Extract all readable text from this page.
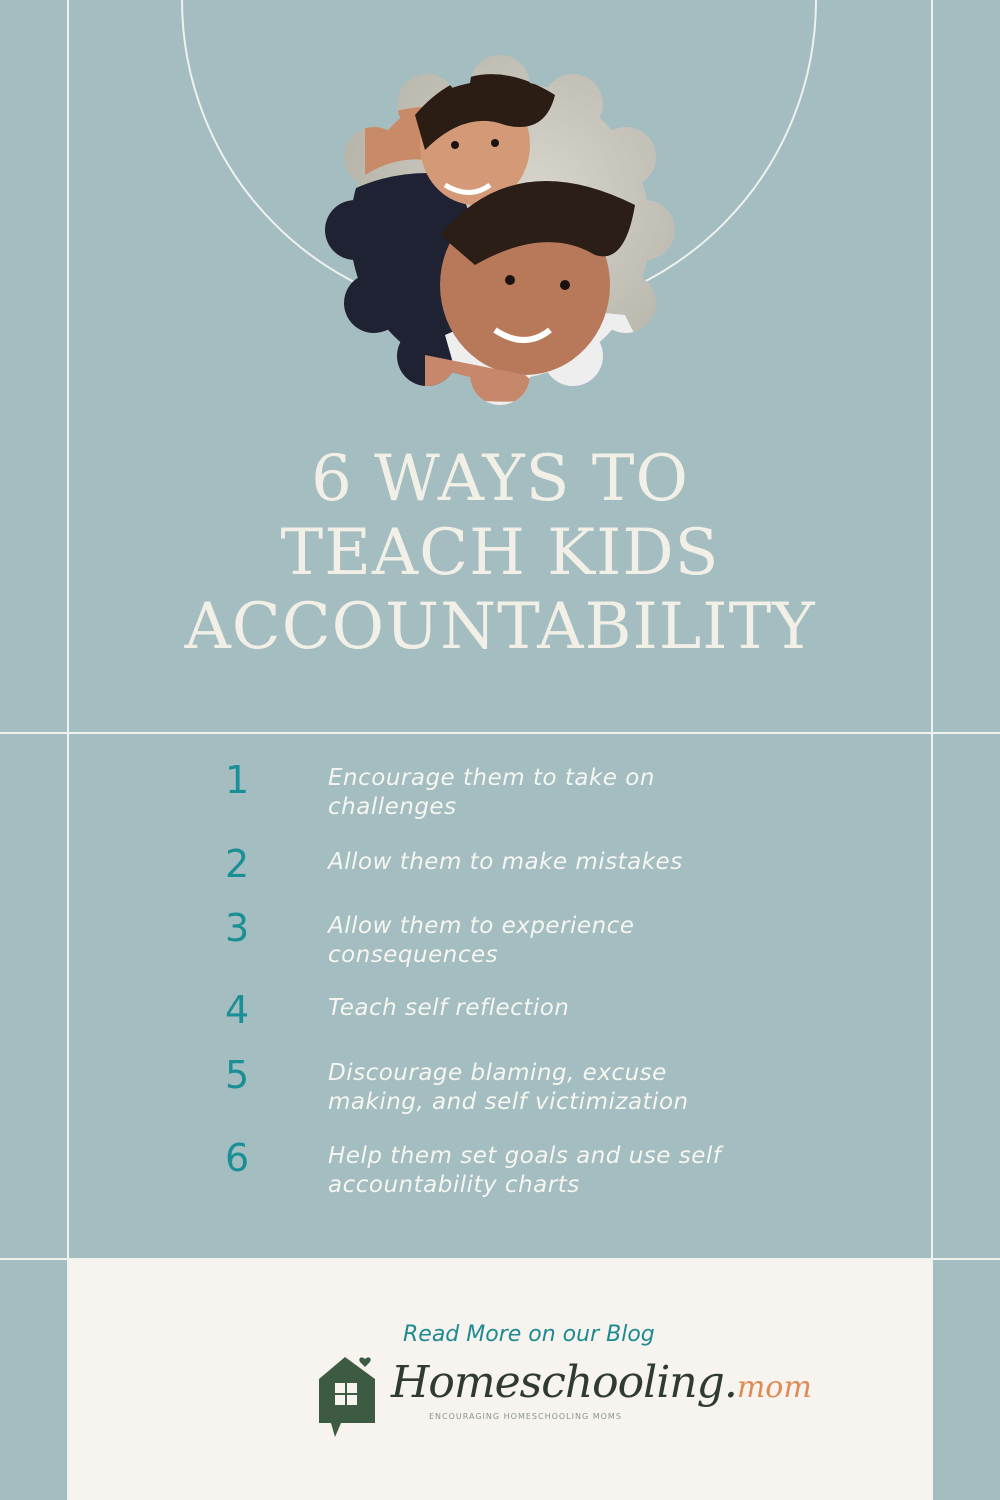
6 WAYS TO
TEACH KIDS
ACCOUNTABILITY
1	Encourage them to take on
challenges
2	Allow them to make mistakes
3	Allow them to experience
consequences
4	Teach self reflection
5	Discourage blaming, excuse
making, and self victimization
6	Help them set goals and use self
accountability charts
Read More on our Blog
Homeschooling.mom
ENCOURAGING HOMESCHOOLING MOMS
